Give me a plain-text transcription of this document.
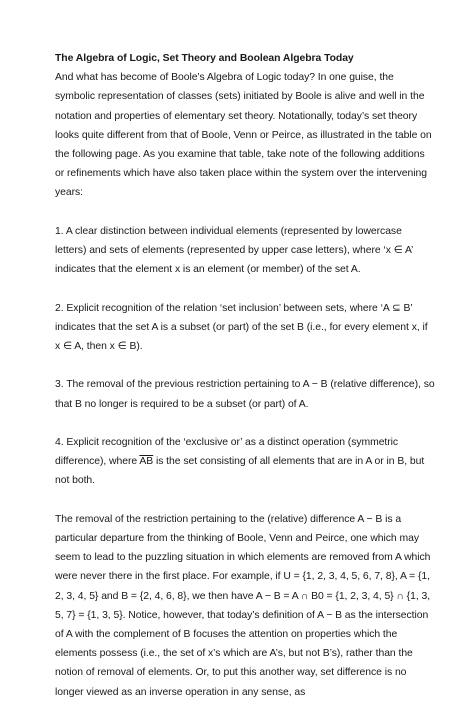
The Algebra of Logic, Set Theory and Boolean Algebra Today
And what has become of Boole’s Algebra of Logic today? In one guise, the symbolic representation of classes (sets) initiated by Boole is alive and well in the notation and properties of elementary set theory. Notationally, today’s set theory looks quite different from that of Boole, Venn or Peirce, as illustrated in the table on the following page. As you examine that table, take note of the following additions or refinements which have also taken place within the system over the intervening years:
1. A clear distinction between individual elements (represented by lowercase letters) and sets of elements (represented by upper case letters), where ‘x ∈ A’ indicates that the element x is an element (or member) of the set A.
2. Explicit recognition of the relation ‘set inclusion’ between sets, where ‘A ⊆ B’ indicates that the set A is a subset (or part) of the set B (i.e., for every element x, if x ∈ A, then x ∈ B).
3. The removal of the previous restriction pertaining to A − B (relative difference), so that B no longer is required to be a subset (or part) of A.
4. Explicit recognition of the ‘exclusive or’ as a distinct operation (symmetric difference), where $\overline{AB}$ is the set consisting of all elements that are in A or in B, but not both.
The removal of the restriction pertaining to the (relative) difference A − B is a particular departure from the thinking of Boole, Venn and Peirce, one which may seem to lead to the puzzling situation in which elements are removed from A which were never there in the first place. For example, if U = {1, 2, 3, 4, 5, 6, 7, 8}, A = {1, 2, 3, 4, 5} and B = {2, 4, 6, 8}, we then have A − B = A ∩ B0 = {1, 2, 3, 4, 5} ∩ {1, 3, 5, 7} = {1, 3, 5}. Notice, however, that today’s definition of A − B as the intersection of A with the complement of B focuses the attention on properties which the elements possess (i.e., the set of x’s which are A’s, but not B’s), rather than the notion of removal of elements. Or, to put this another way, set difference is no longer viewed as an inverse operation in any sense, as
